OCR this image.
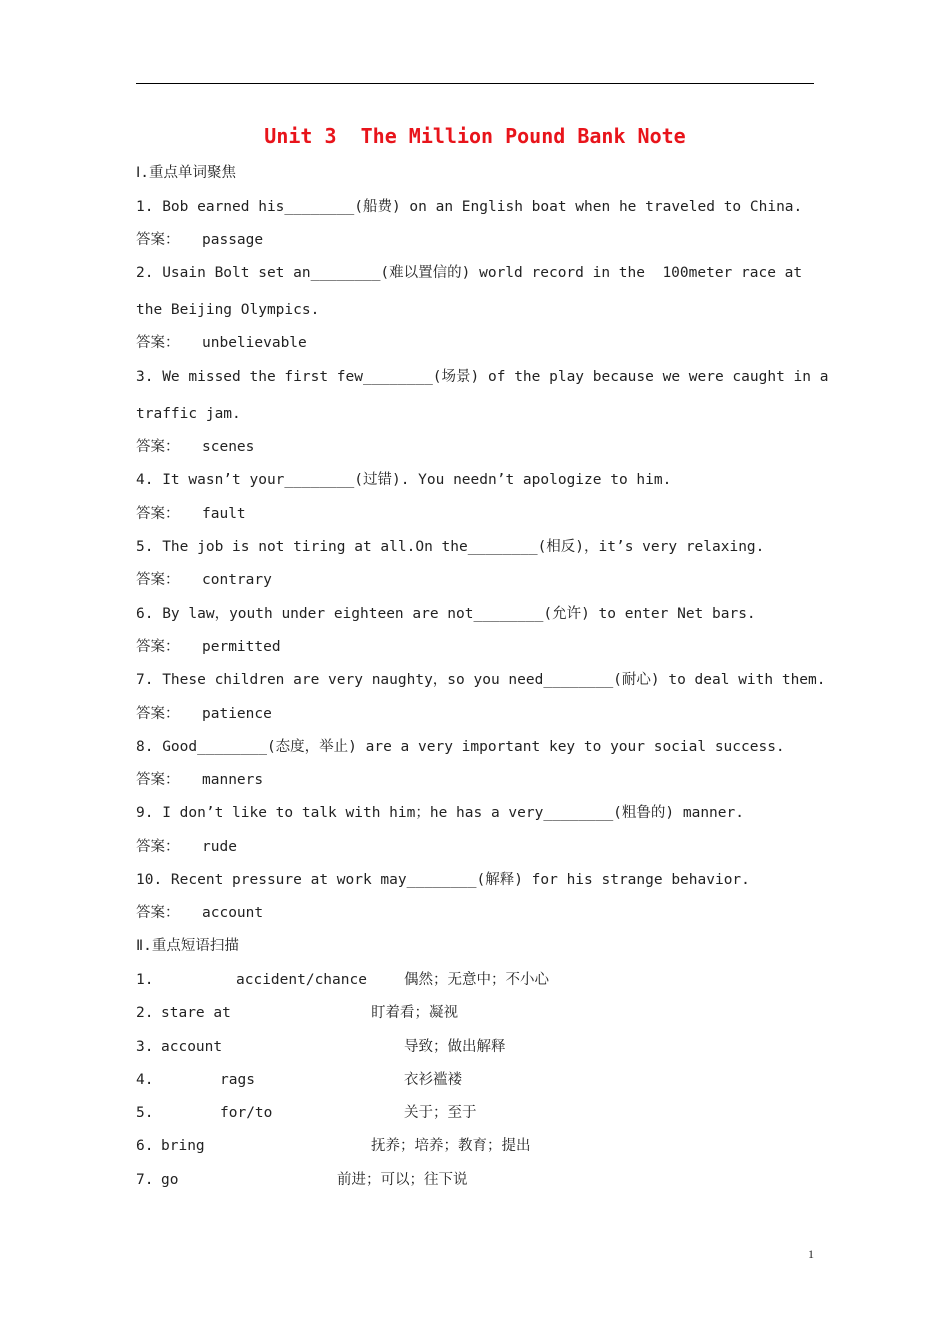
Unit 3  The Million Pound Bank Note
Ⅰ.重点单词聚焦
1. Bob earned his________(船费) on an English boat when he traveled to China.
答案： passage
2. Usain Bolt set an________(难以置信的) world record in the  100meter race at
the Beijing Olympics.
答案： unbelievable
3. We missed the first few________(场景) of the play because we were caught in a
traffic jam.
答案： scenes
4. It wasn’t your________(过错). You needn’t apologize to him.
答案： fault
5. The job is not tiring at all.On the________(相反)，it’s very relaxing.
答案： contrary
6. By law，youth under eighteen are not________(允许) to enter Net bars.
答案： permitted
7. These children are very naughty，so you need________(耐心) to deal with them.
答案： patience
8. Good________(态度，举止) are a very important key to your social success.
答案： manners
9. I don’t like to talk with him；he has a very________(粗鲁的) manner.
答案： rude
10. Recent pressure at work may________(解释) for his strange behavior.
答案： account
Ⅱ.重点短语扫描
1.	accident/chance	偶然；无意中；不小心
2. stare at	盯着看；凝视
3. account	导致；做出解释
4.	rags	衣衫褴褛
5.	for/to	关于；至于
6. bring	抚养；培养；教育；提出
7. go	前进；可以；往下说
1
